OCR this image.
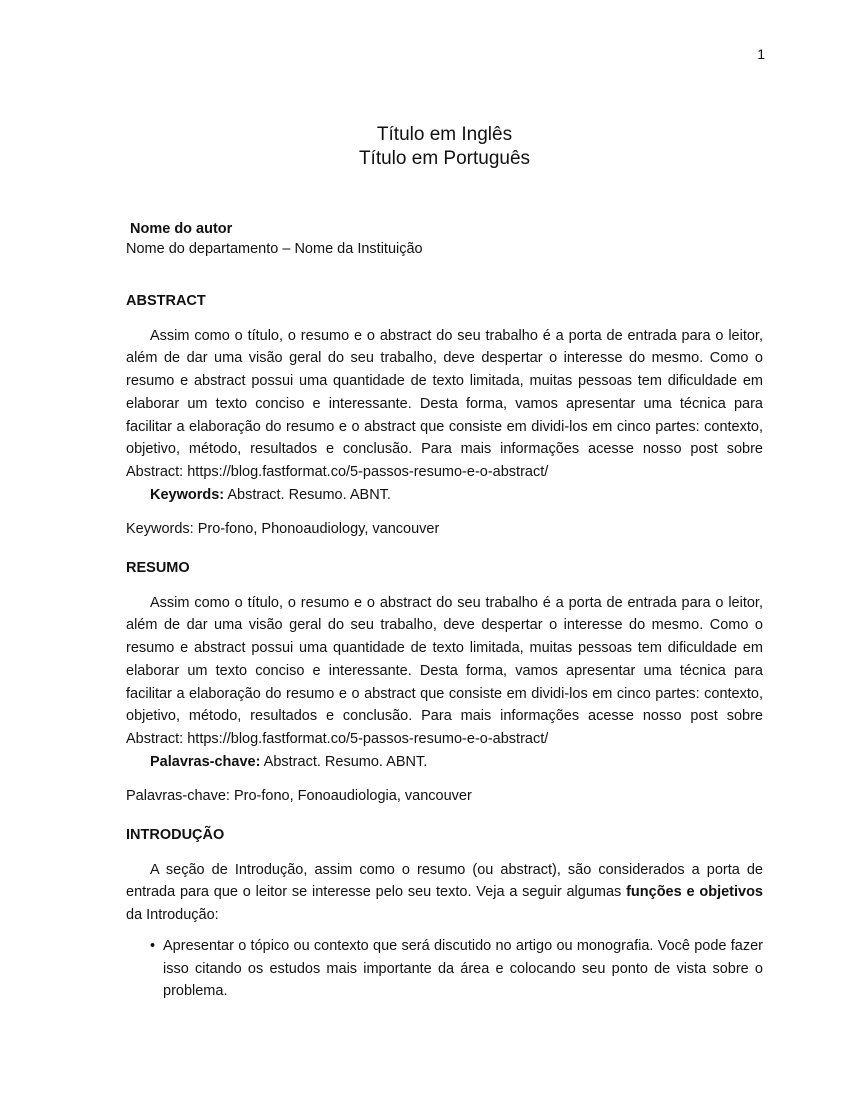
1
Título em Inglês
Título em Português
Nome do autor
Nome do departamento – Nome da Instituição

ABSTRACT

Assim como o título, o resumo e o abstract do seu trabalho é a porta de entrada para o leitor, além de dar uma visão geral do seu trabalho, deve despertar o interesse do mesmo. Como o resumo e abstract possui uma quantidade de texto limitada, muitas pessoas tem dificuldade em elaborar um texto conciso e interessante. Desta forma, vamos apresentar uma técnica para facilitar a elaboração do resumo e o abstract que consiste em dividi-los em cinco partes: contexto, objetivo, método, resultados e conclusão. Para mais informações acesse nosso post sobre Abstract: https://blog.fastformat.co/5-passos-resumo-e-o-abstract/

Keywords: Abstract. Resumo. ABNT.

Keywords: Pro-fono, Phonoaudiology, vancouver

RESUMO

Assim como o título, o resumo e o abstract do seu trabalho é a porta de entrada para o leitor, além de dar uma visão geral do seu trabalho, deve despertar o interesse do mesmo. Como o resumo e abstract possui uma quantidade de texto limitada, muitas pessoas tem dificuldade em elaborar um texto conciso e interessante. Desta forma, vamos apresentar uma técnica para facilitar a elaboração do resumo e o abstract que consiste em dividi-los em cinco partes: contexto, objetivo, método, resultados e conclusão. Para mais informações acesse nosso post sobre Abstract: https://blog.fastformat.co/5-passos-resumo-e-o-abstract/

Palavras-chave: Abstract. Resumo. ABNT.

Palavras-chave: Pro-fono, Fonoaudiologia, vancouver

INTRODUÇÃO

A seção de Introdução, assim como o resumo (ou abstract), são considerados a porta de entrada para que o leitor se interesse pelo seu texto. Veja a seguir algumas funções e objetivos da Introdução:

• Apresentar o tópico ou contexto que será discutido no artigo ou monografia. Você pode fazer isso citando os estudos mais importante da área e colocando seu ponto de vista sobre o problema.
